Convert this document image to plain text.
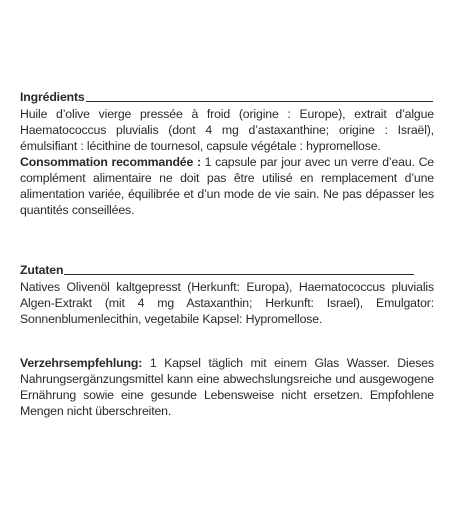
Ingrédients

Huile d’olive vierge pressée à froid (origine : Europe), extrait d’algue Haematococcus pluvialis (dont 4 mg d’astaxanthine; origine : Israël), émulsifiant : lécithine de tournesol, capsule végétale : hypromellose.

Consommation recommandée : 1 capsule par jour avec un verre d’eau. Ce complément alimentaire ne doit pas être utilisé en remplacement d’une alimentation variée, équilibrée et d’un mode de vie sain. Ne pas dépasser les quantités conseillées.

Zutaten

Natives Olivenöl kaltgepresst (Herkunft: Europa), Haematococcus pluvialis Algen-Extrakt (mit 4 mg Astaxanthin; Herkunft: Israel), Emulgator: Sonnenblumenlecithin, vegetabile Kapsel: Hypromellose.

Verzehrsempfehlung: 1 Kapsel täglich mit einem Glas Wasser. Dieses Nahrungsergänzungsmittel kann eine abwechslungsreiche und ausgewogene Ernährung sowie eine gesunde Lebensweise nicht ersetzen. Empfohlene Mengen nicht überschreiten.
